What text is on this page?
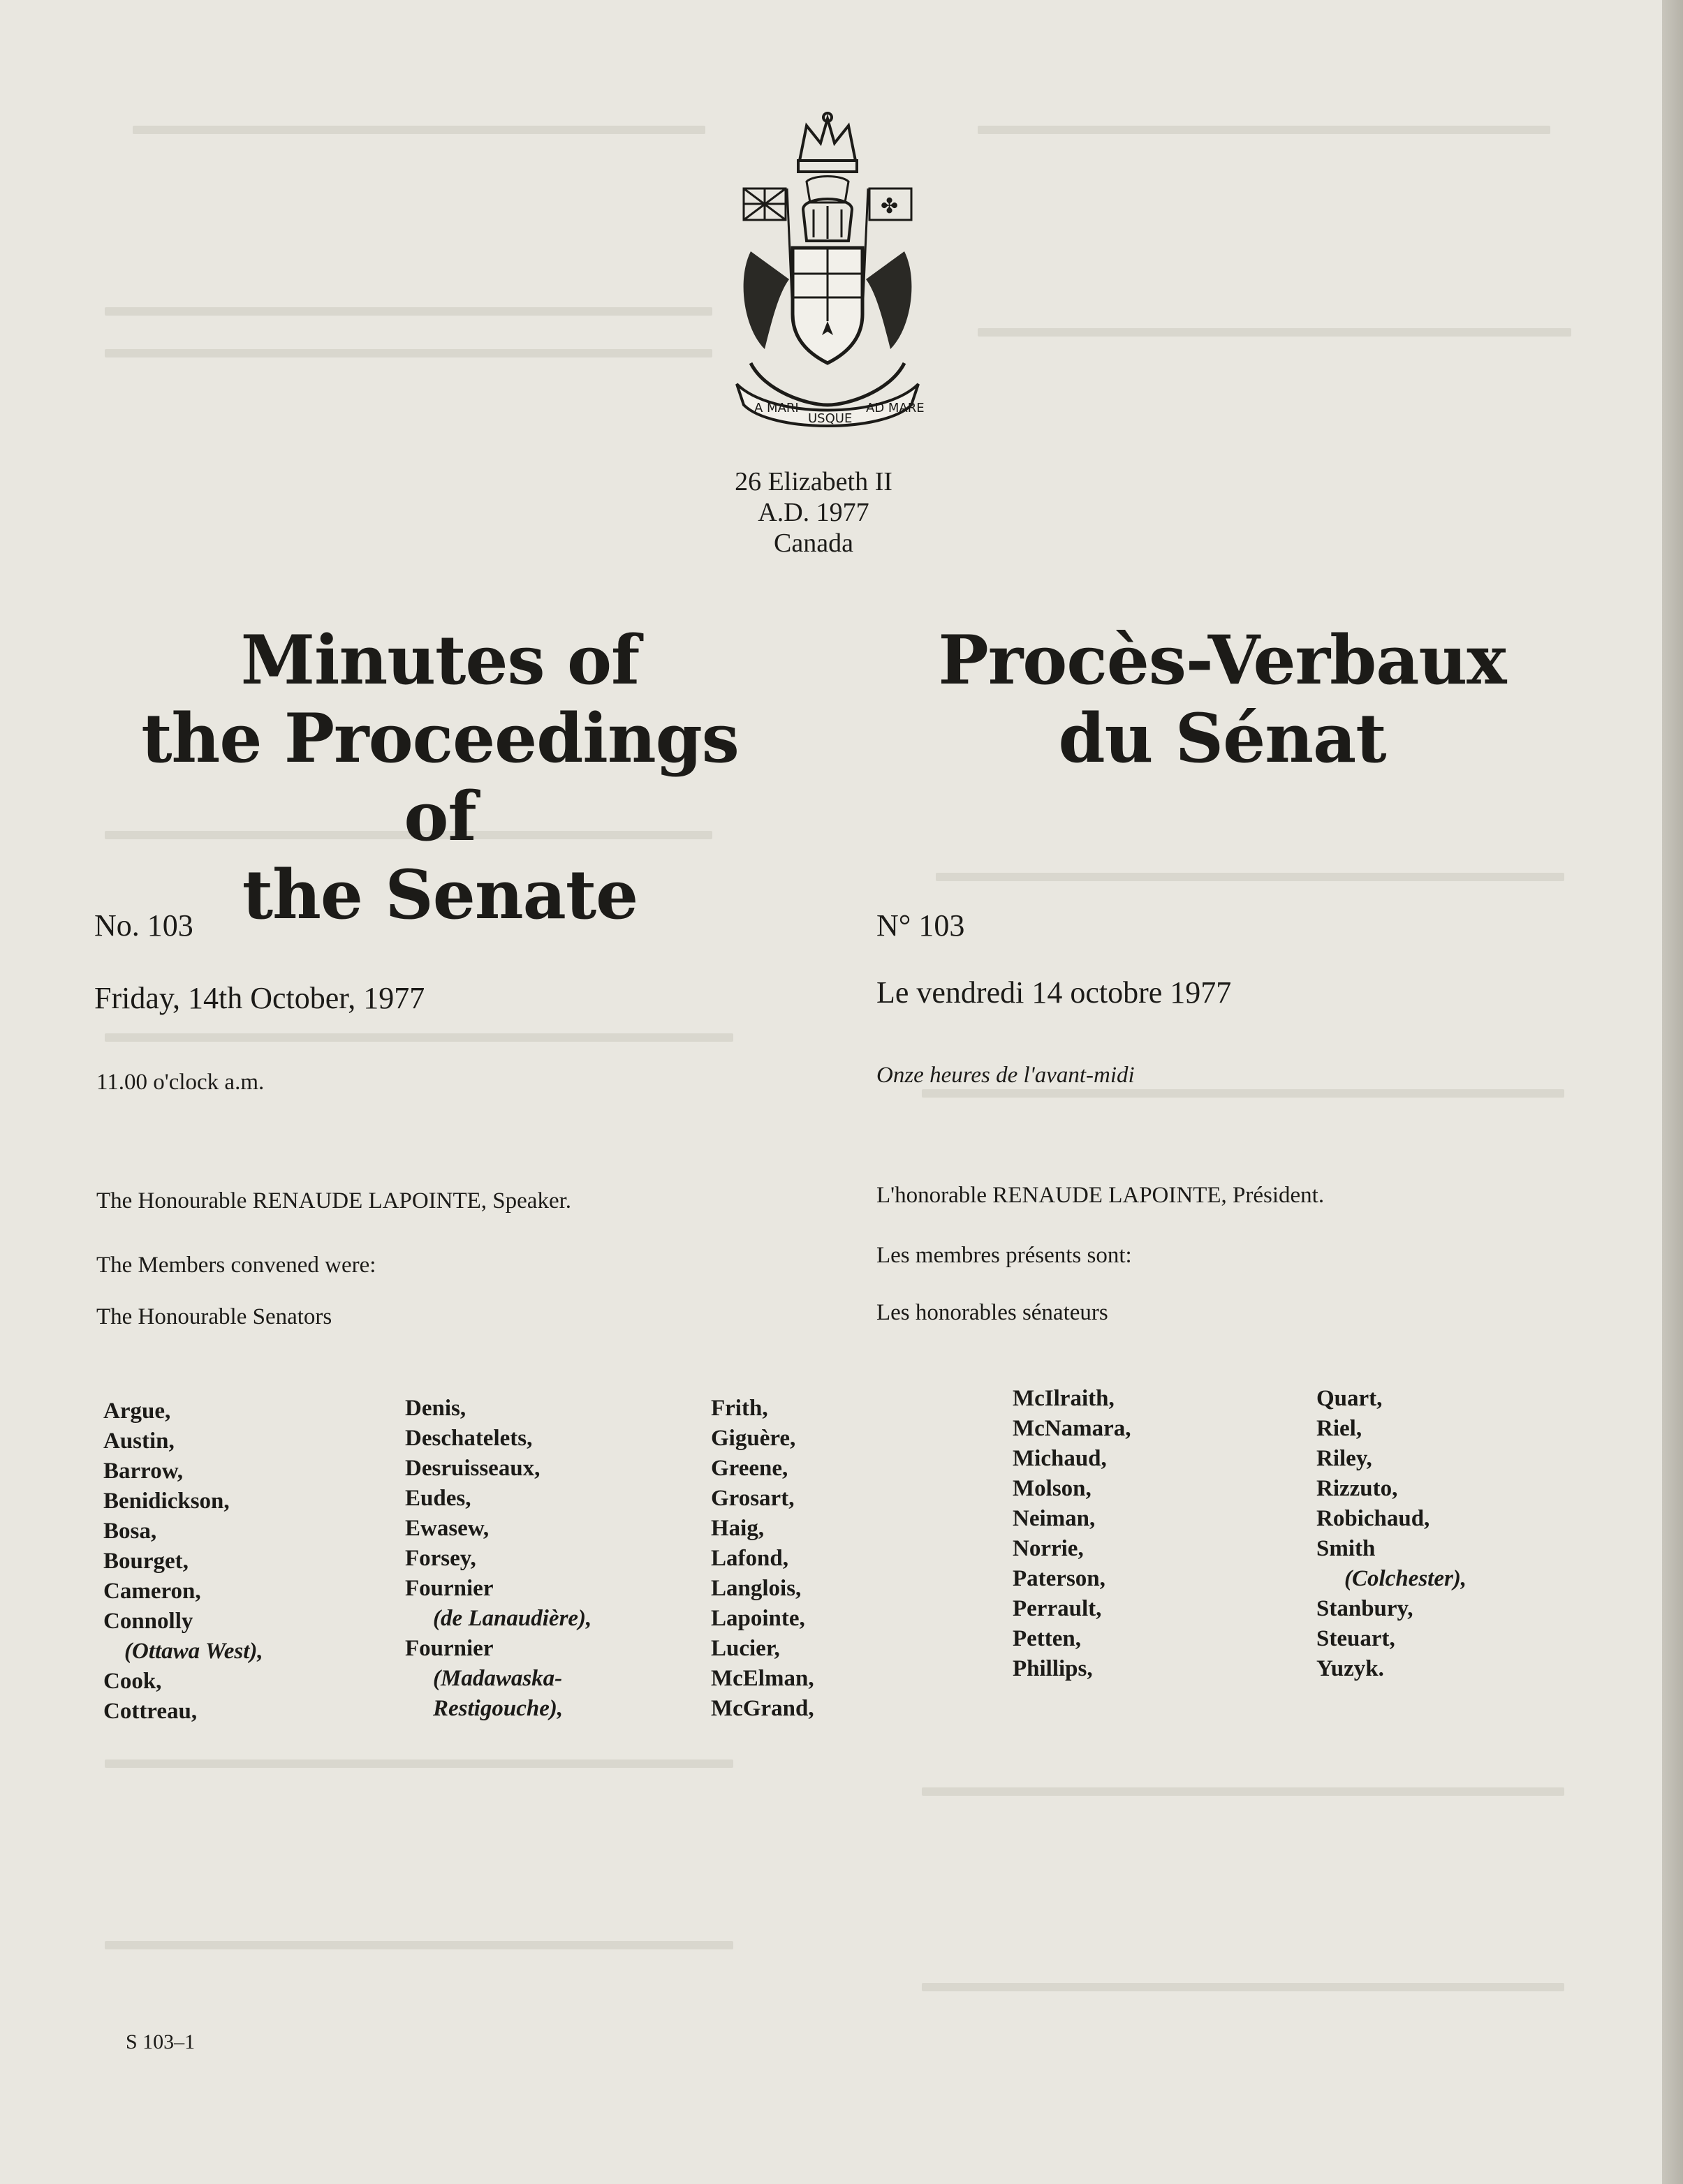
✤
A MARI
USQUE
AD MARE
26 Elizabeth II
A.D. 1977
Canada
Minutes of
the Proceedings of
the Senate
Procès-Verbaux
du Sénat
No. 103
Friday, 14th October, 1977
11.00 o'clock a.m.
The Honourable RENAUDE LAPOINTE, Speaker.
The Members convened were:
The Honourable Senators
N° 103
Le vendredi 14 octobre 1977
Onze heures de l'avant-midi
L'honorable RENAUDE LAPOINTE, Président.
Les membres présents sont:
Les honorables sénateurs
Argue,
Austin,
Barrow,
Benidickson,
Bosa,
Bourget,
Cameron,
Connolly
(Ottawa West),
Cook,
Cottreau,
Denis,
Deschatelets,
Desruisseaux,
Eudes,
Ewasew,
Forsey,
Fournier
(de Lanaudière),
Fournier
(Madawaska-
Restigouche),
Frith,
Giguère,
Greene,
Grosart,
Haig,
Lafond,
Langlois,
Lapointe,
Lucier,
McElman,
McGrand,
McIlraith,
McNamara,
Michaud,
Molson,
Neiman,
Norrie,
Paterson,
Perrault,
Petten,
Phillips,
Quart,
Riel,
Riley,
Rizzuto,
Robichaud,
Smith
(Colchester),
Stanbury,
Steuart,
Yuzyk.
S 103–1
